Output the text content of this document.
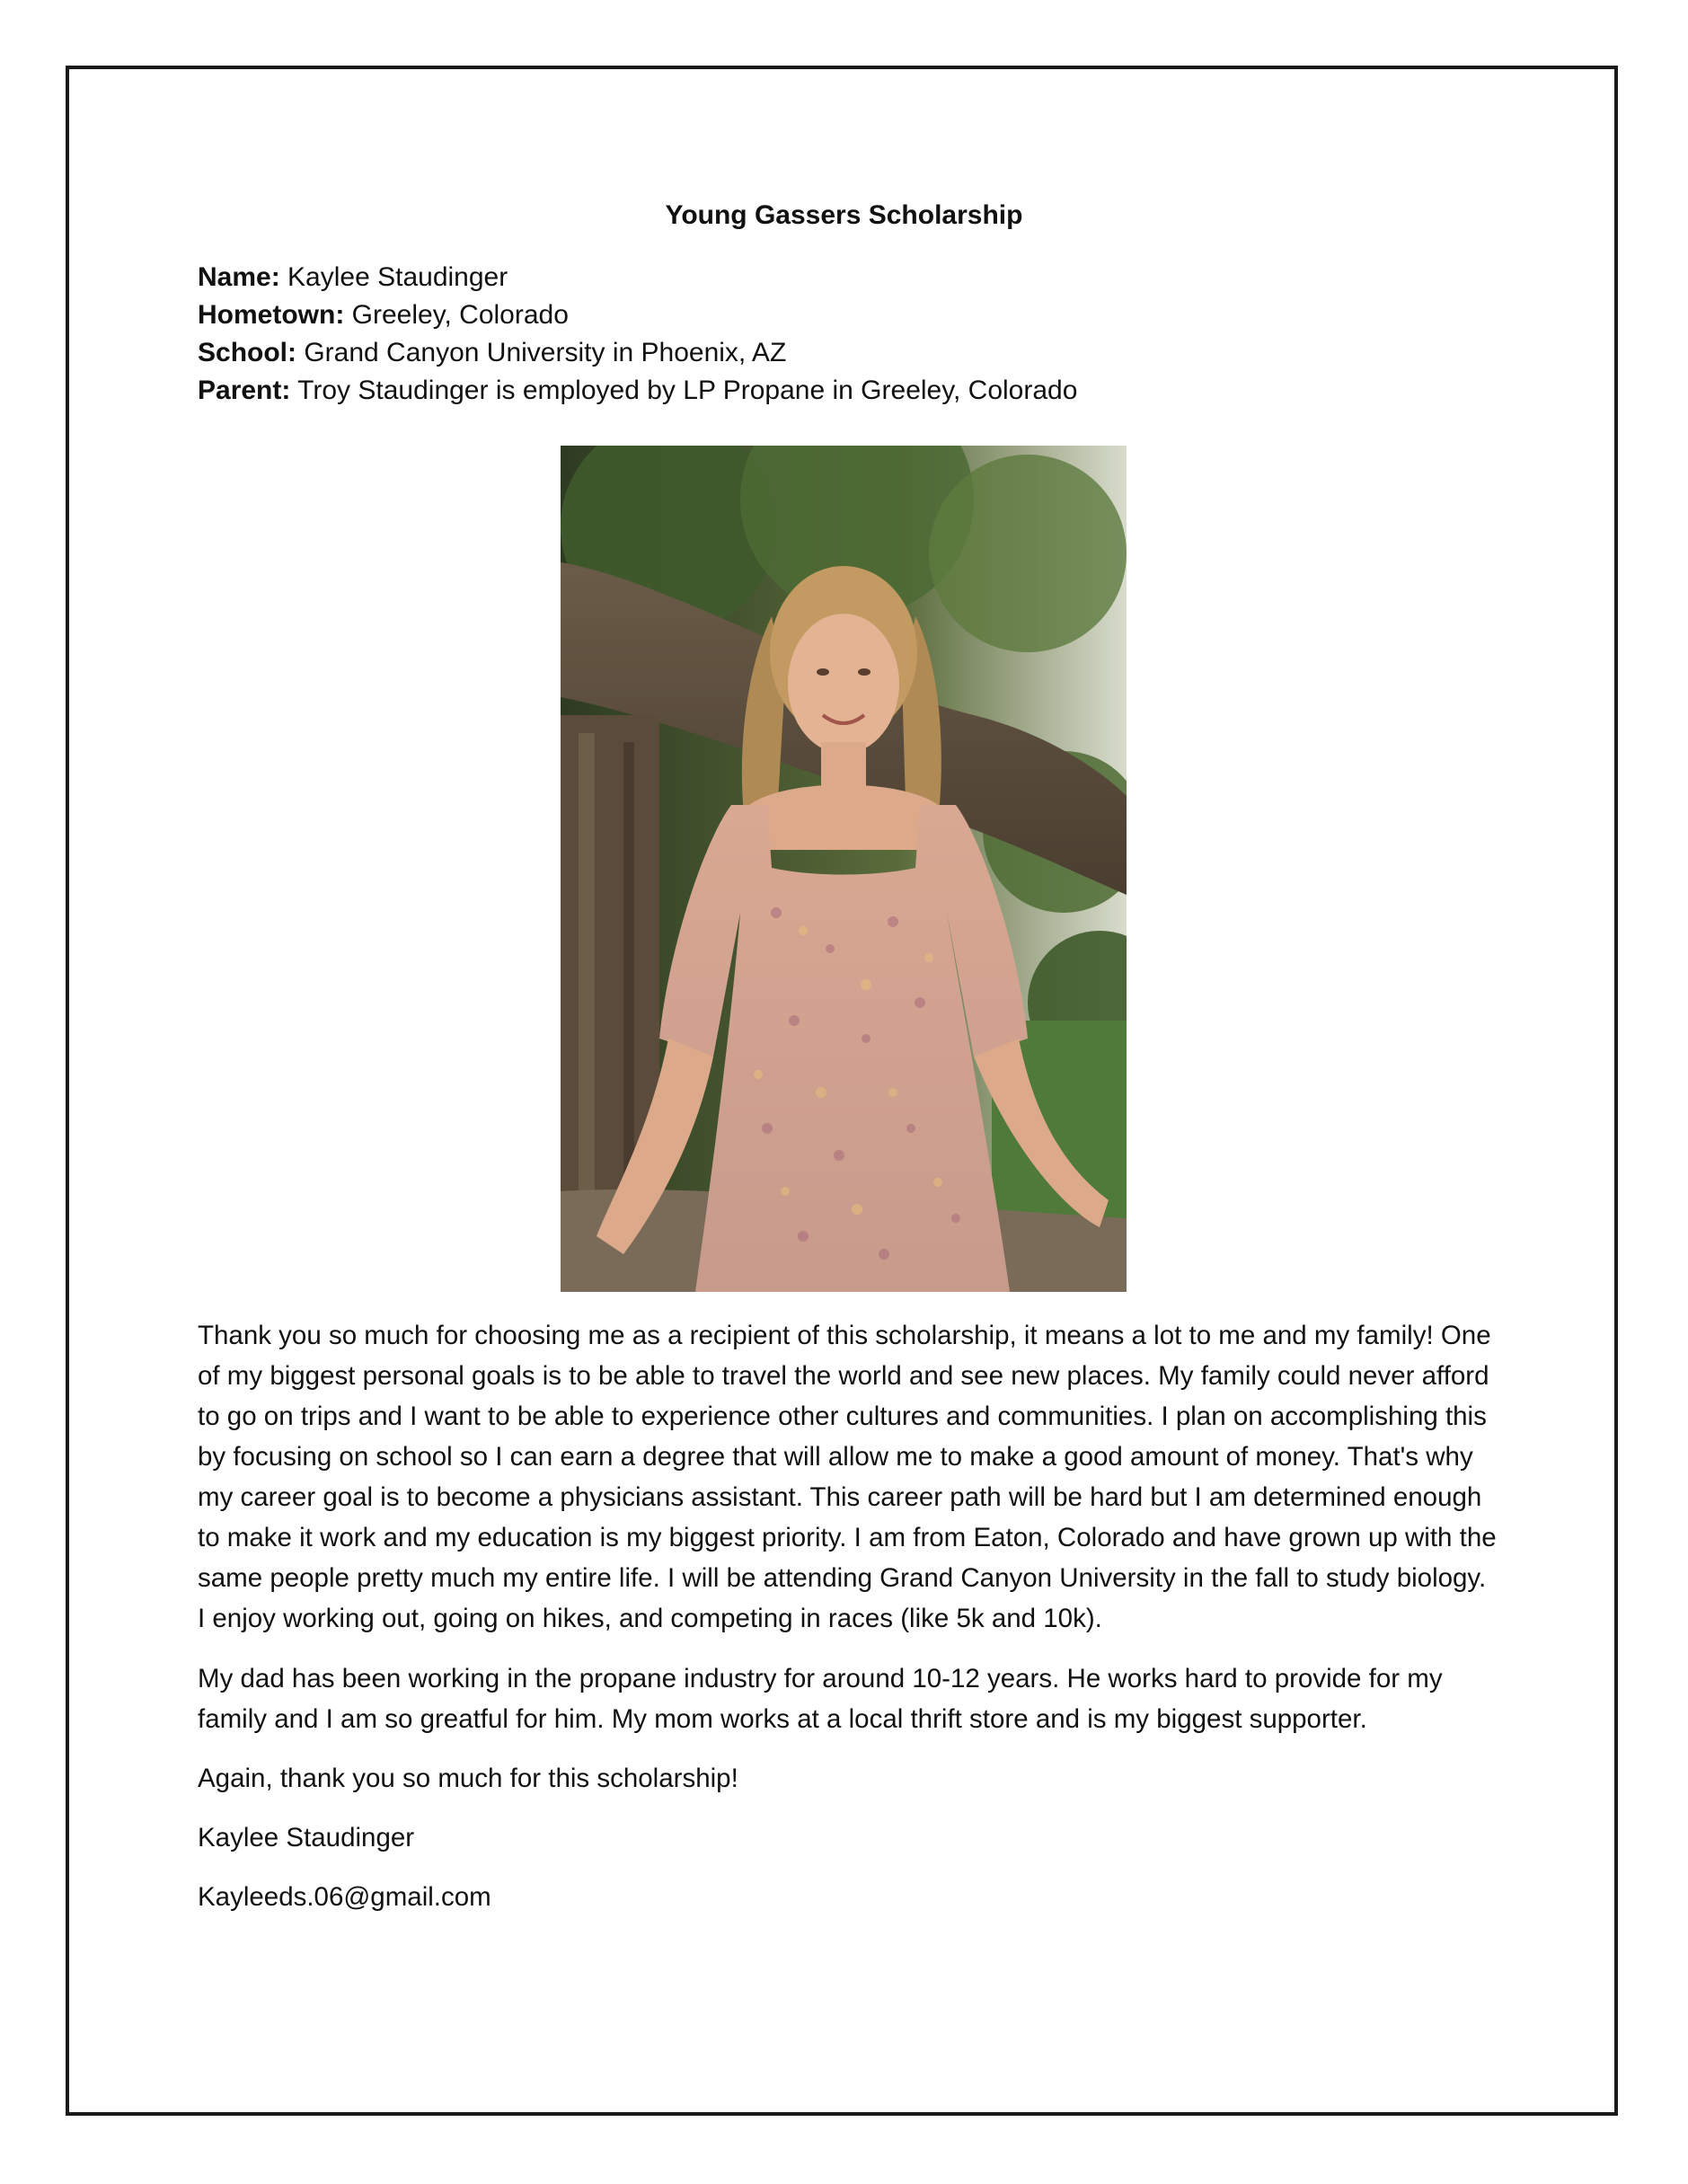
Young Gassers Scholarship
Name: Kaylee Staudinger
Hometown: Greeley, Colorado
School: Grand Canyon University in Phoenix, AZ
Parent: Troy Staudinger is employed by LP Propane in Greeley, Colorado

Thank you so much for choosing me as a recipient of this scholarship, it means a lot to me and my family! One of my biggest personal goals is to be able to travel the world and see new places. My family could never afford to go on trips and I want to be able to experience other cultures and communities. I plan on accomplishing this by focusing on school so I can earn a degree that will allow me to make a good amount of money. That's why my career goal is to become a physicians assistant. This career path will be hard but I am determined enough to make it work and my education is my biggest priority. I am from Eaton, Colorado and have grown up with the same people pretty much my entire life. I will be attending Grand Canyon University in the fall to study biology. I enjoy working out, going on hikes, and competing in races (like 5k and 10k).

My dad has been working in the propane industry for around 10-12 years. He works hard to provide for my family and I am so greatful for him. My mom works at a local thrift store and is my biggest supporter.

Again, thank you so much for this scholarship!

Kaylee Staudinger

Kayleeds.06@gmail.com
